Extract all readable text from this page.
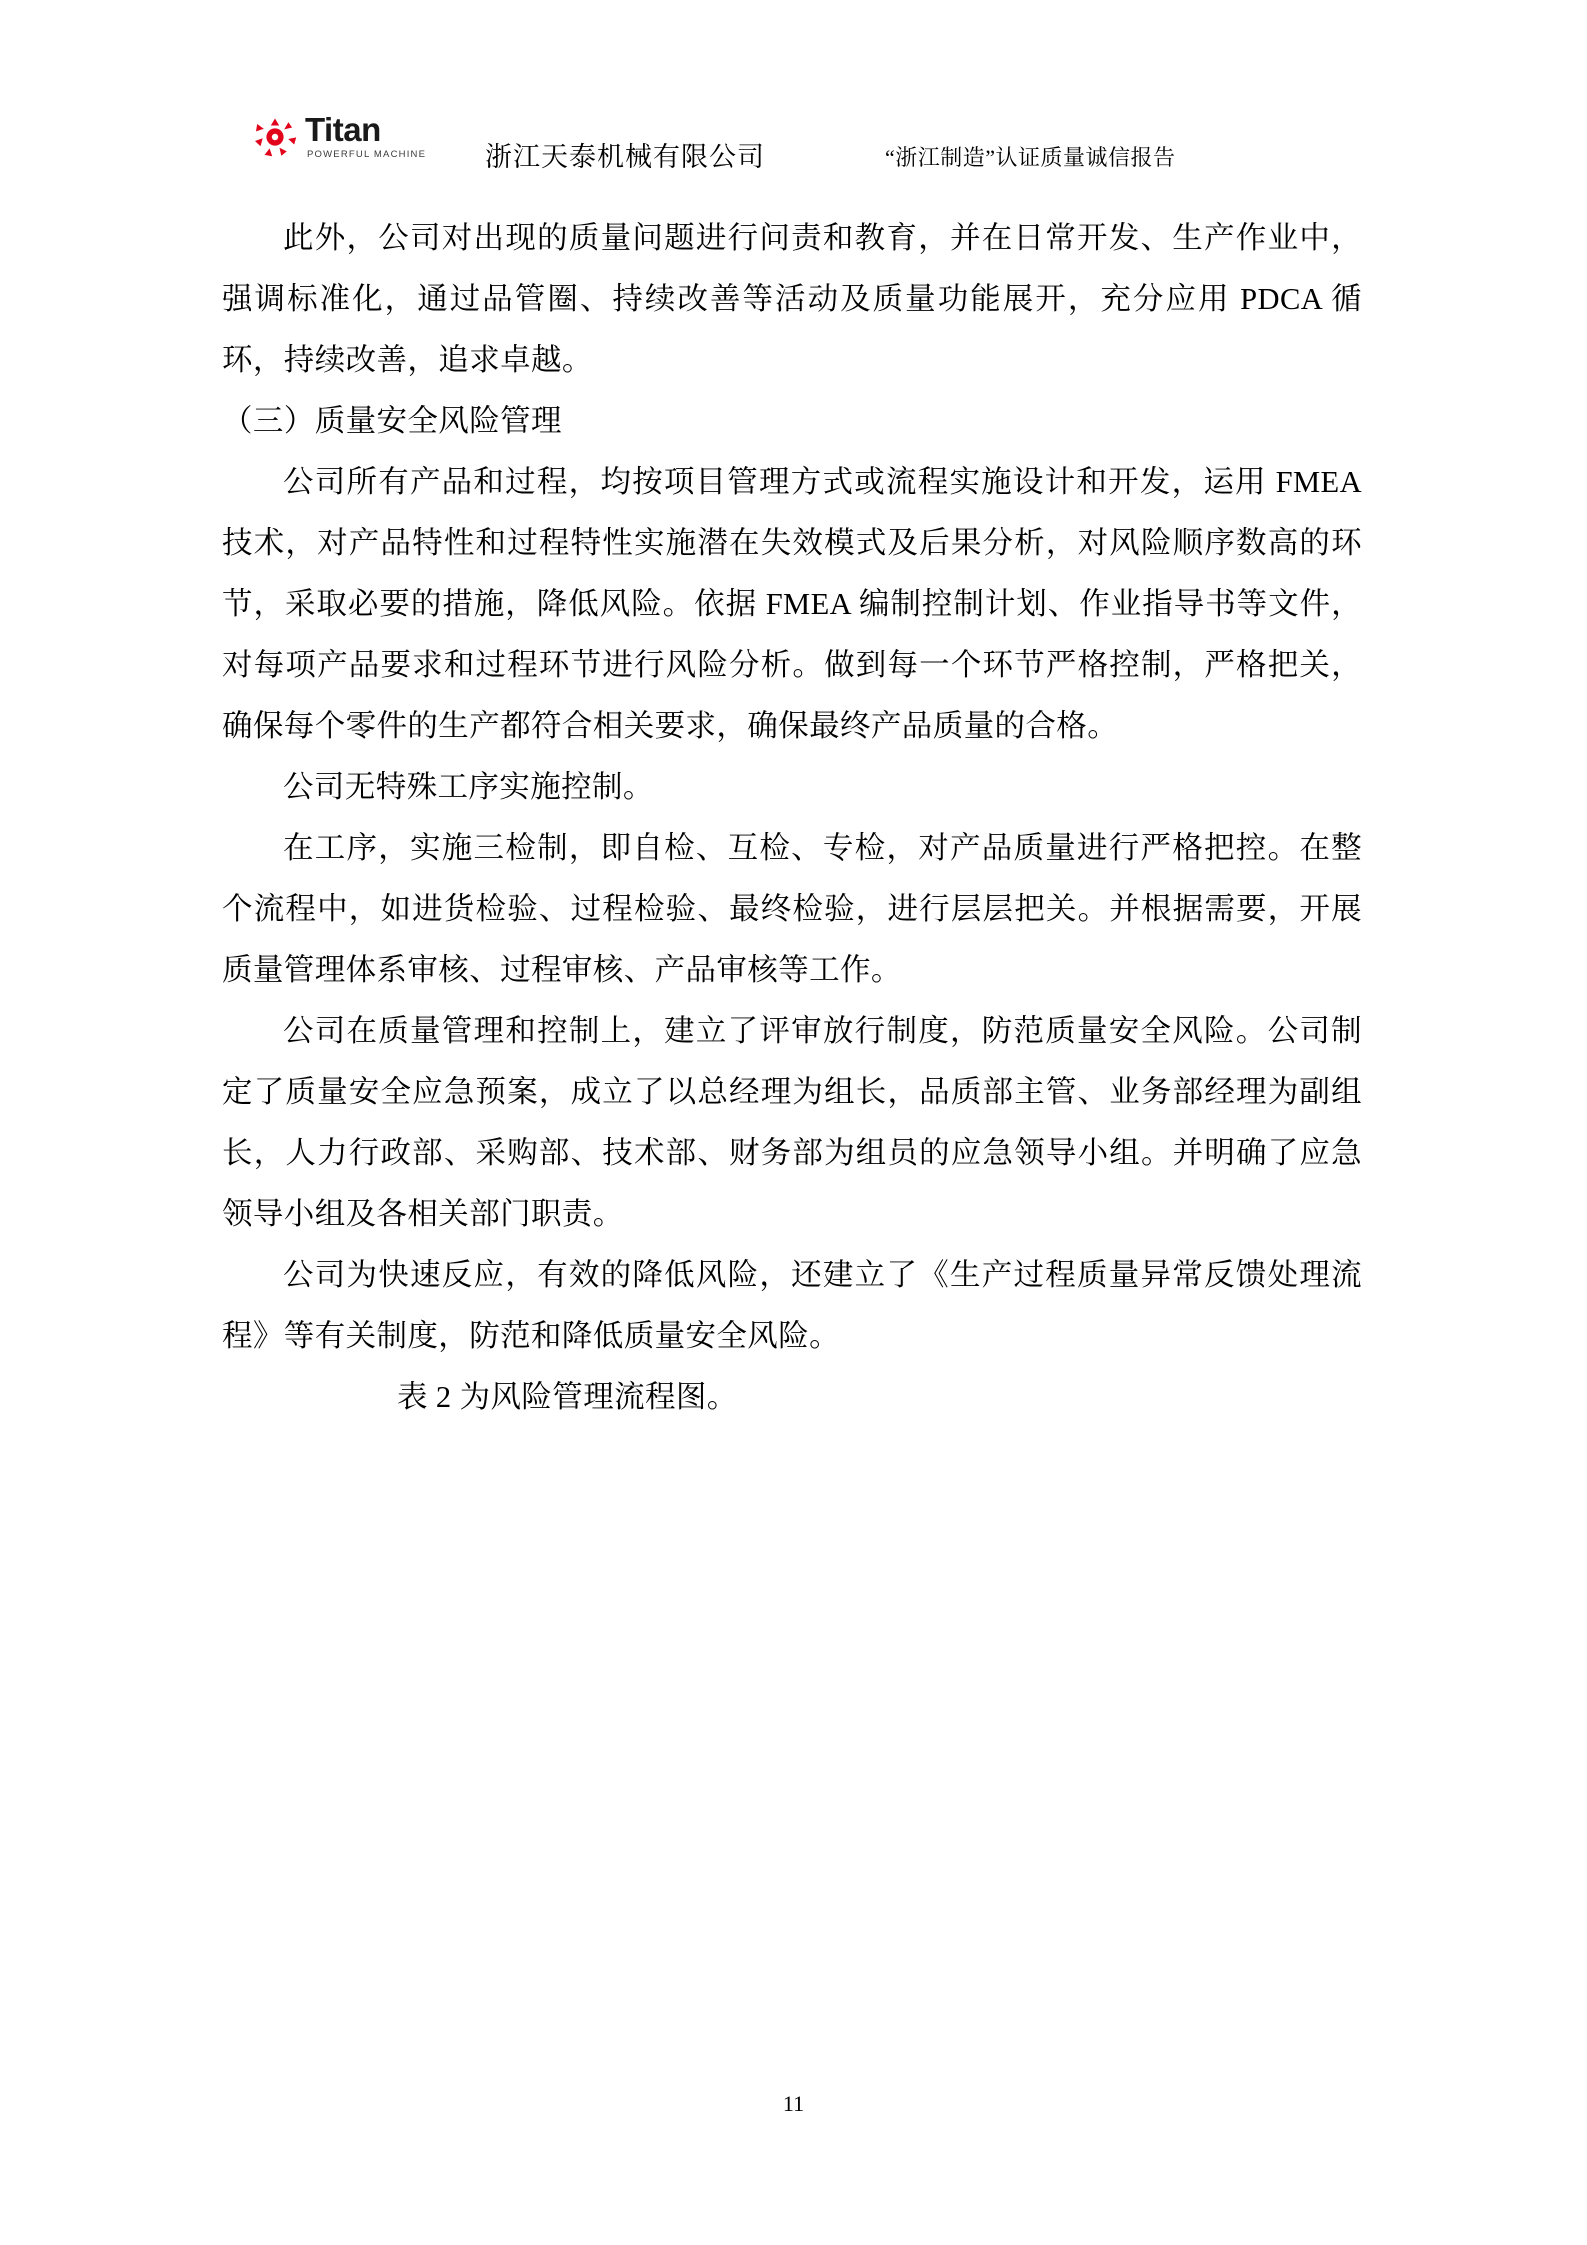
Titan
POWERFUL MACHINE 浙江天泰机械有限公司	“浙江制造”认证质量诚信报告

此外，公司对出现的质量问题进行问责和教育，并在日常开发、生产作业中，强调标准化，通过品管圈、持续改善等活动及质量功能展开，充分应用 PDCA 循环，持续改善，追求卓越。

（三）质量安全风险管理

公司所有产品和过程，均按项目管理方式或流程实施设计和开发，运用 FMEA 技术，对产品特性和过程特性实施潜在失效模式及后果分析，对风险顺序数高的环节，采取必要的措施，降低风险。依据 FMEA 编制控制计划、作业指导书等文件，对每项产品要求和过程环节进行风险分析。做到每一个环节严格控制，严格把关，确保每个零件的生产都符合相关要求，确保最终产品质量的合格。

公司无特殊工序实施控制。

在工序，实施三检制，即自检、互检、专检，对产品质量进行严格把控。在整个流程中，如进货检验、过程检验、最终检验，进行层层把关。并根据需要，开展质量管理体系审核、过程审核、产品审核等工作。

公司在质量管理和控制上，建立了评审放行制度，防范质量安全风险。公司制定了质量安全应急预案，成立了以总经理为组长，品质部主管、业务部经理为副组长，人力行政部、采购部、技术部、财务部为组员的应急领导小组。并明确了应急领导小组及各相关部门职责。

公司为快速反应，有效的降低风险，还建立了《生产过程质量异常反馈处理流程》等有关制度，防范和降低质量安全风险。

表 2 为风险管理流程图。

11
